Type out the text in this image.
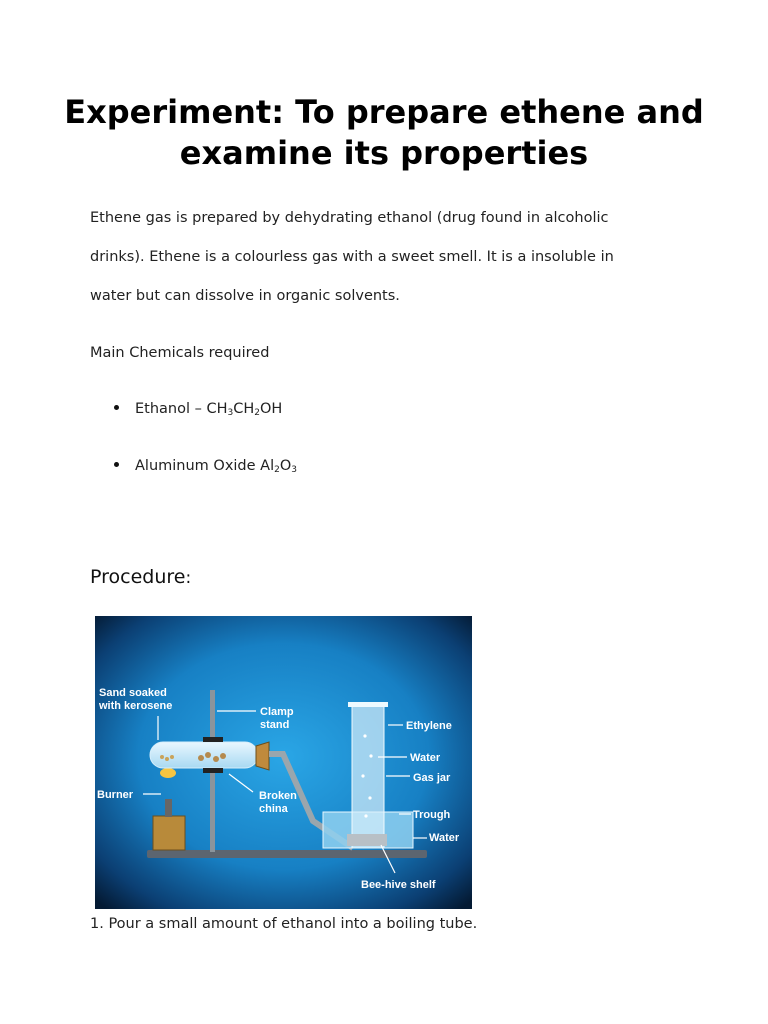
Experiment: To prepare ethene and examine its properties

Ethene gas is prepared by dehydrating ethanol (drug found in alcoholic

drinks). Ethene is a colourless gas with a sweet smell. It is a insoluble in

water but can dissolve in organic solvents.

Main Chemicals required

Ethanol – $CH_3CH_2OH$
Aluminum Oxide $Al_2O_3$
Procedure:
Sand soaked
with kerosene	Clamp
stand	Ethylene
Water
Gas jar
Burner	Broken
china	Trough
Water
Bee-hive shelf
1. Pour a small amount of ethanol into a boiling tube.
